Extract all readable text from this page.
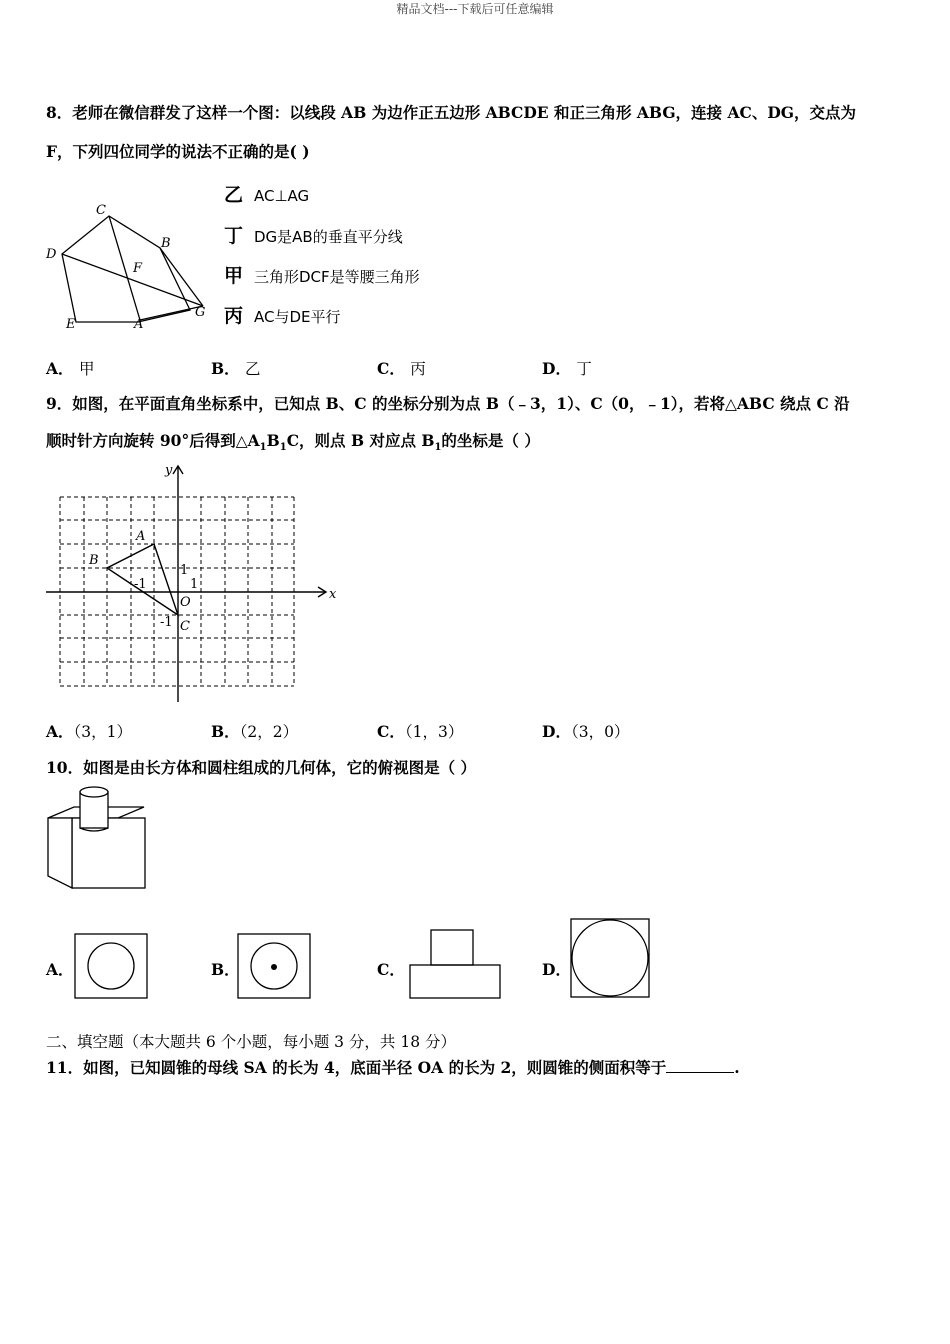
精品文档---下载后可任意编辑
8．老师在微信群发了这样一个图：以线段 AB 为边作正五边形 ABCDE 和正三角形 ABG，连接 AC、DG，交点为
F，下列四位同学的说法不正确的是( )
C
B
D
F
E	A
G
乙 AC⊥AG
丁 DG是AB的垂直平分线
甲 三角形DCF是等腰三角形
丙 AC与DE平行
A． 甲	B． 乙	C． 丙	D． 丁
9．如图，在平面直角坐标系中，已知点 B、C 的坐标分别为点 B（﹣3，1）、C（0，﹣1），若将△ABC 绕点 C 沿
顺时针方向旋转 90°后得到$\triangle A_1B_1C$，则点 B 对应点 $B_1$的坐标是（ ）
y
x
A
B
O
C
-1
1
1
-1
A．（3，1）	B．（2，2）	C．（1，3）	D．（3，0）
10．如图是由长方体和圆柱组成的几何体，它的俯视图是（ ）
A．	B．	C．	D．
二、填空题（本大题共 6 个小题，每小题 3 分，共 18 分）
11．如图，已知圆锥的母线 SA 的长为 4，底面半径 OA 的长为 2，则圆锥的侧面积等于	.
